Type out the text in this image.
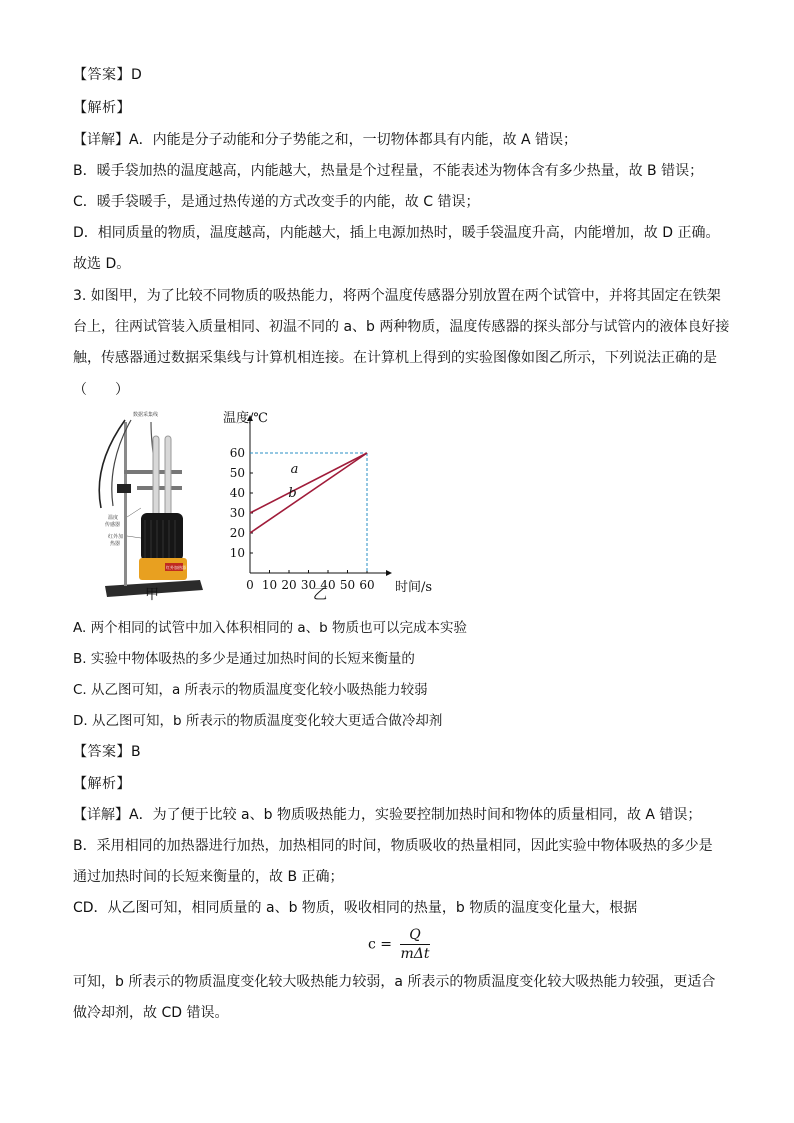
【答案】D
【解析】
【详解】A．内能是分子动能和分子势能之和，一切物体都具有内能，故 A 错误；
B．暖手袋加热的温度越高，内能越大，热量是个过程量，不能表述为物体含有多少热量，故 B 错误；
C．暖手袋暖手，是通过热传递的方式改变手的内能，故 C 错误；
D．相同质量的物质，温度越高，内能越大，插上电源加热时，暖手袋温度升高，内能增加，故 D 正确。
故选 D。
3. 如图甲，为了比较不同物质的吸热能力，将两个温度传感器分别放置在两个试管中，并将其固定在铁架
台上，往两试管装入质量相同、初温不同的 a、b 两种物质，温度传感器的探头部分与试管内的液体良好接
触，传感器通过数据采集线与计算机相连接。在计算机上得到的实验图像如图乙所示，下列说法正确的是
（　　）
红外加热器
数据采集线
温度
传感器
红外加
热器
甲
10
20
30
40
50
60
0 10 20 30 40 50 60
温度/℃
时间/s
a
b
乙
A. 两个相同的试管中加入体积相同的 a、b 物质也可以完成本实验
B. 实验中物体吸热的多少是通过加热时间的长短来衡量的
C. 从乙图可知，a 所表示的物质温度变化较小吸热能力较弱
D. 从乙图可知，b 所表示的物质温度变化较大更适合做冷却剂
【答案】B
【解析】
【详解】A．为了便于比较 a、b 物质吸热能力，实验要控制加热时间和物体的质量相同，故 A 错误；
B．采用相同的加热器进行加热，加热相同的时间，物质吸收的热量相同，因此实验中物体吸热的多少是
通过加热时间的长短来衡量的，故 B 正确；
CD．从乙图可知，相同质量的 a、b 物质，吸收相同的热量，b 物质的温度变化量大，根据
$c = \frac{Q}{\text{mΔt}}$
可知，b 所表示的物质温度变化较大吸热能力较弱，a 所表示的物质温度变化较大吸热能力较强，更适合
做冷却剂，故 CD 错误。
